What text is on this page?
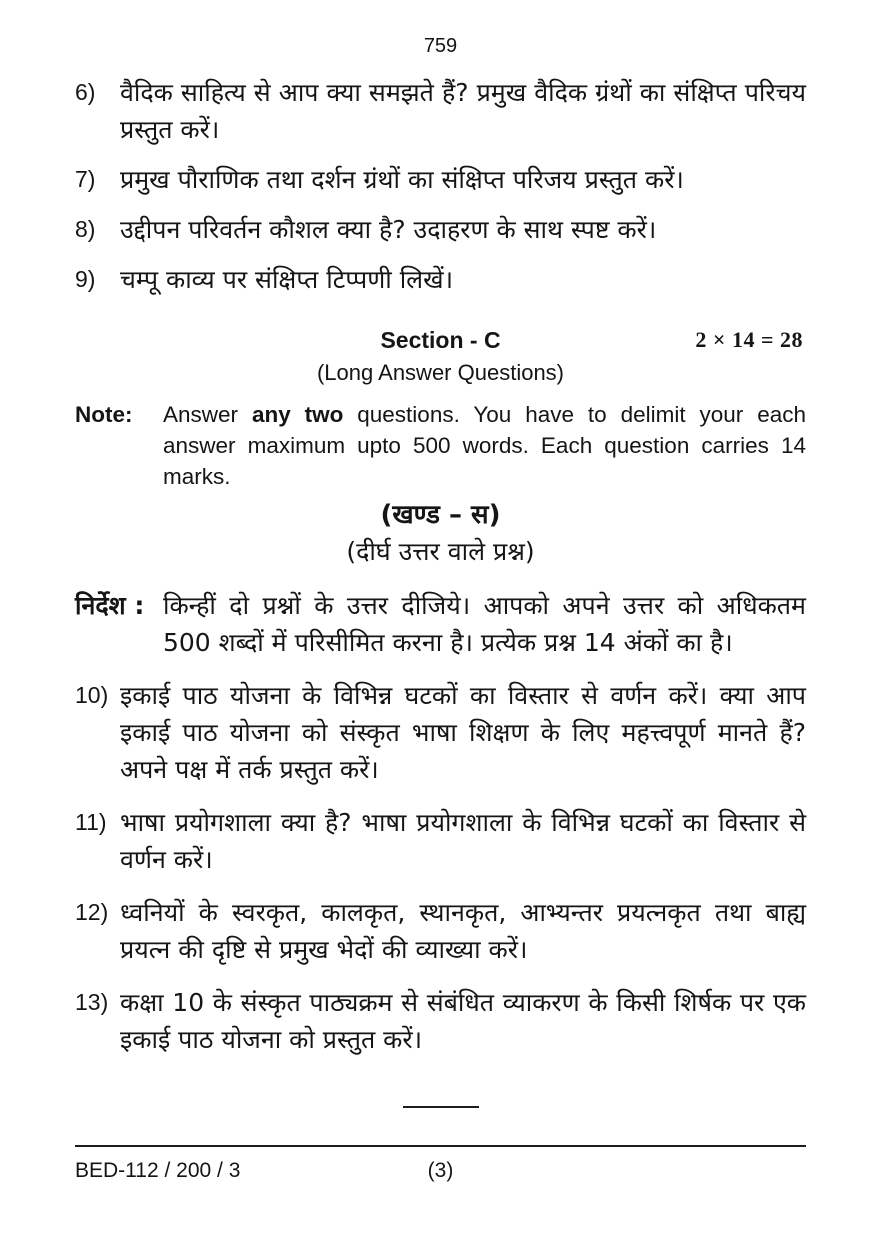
759
6) वैदिक साहित्य से आप क्या समझते हैं? प्रमुख वैदिक ग्रंथों का संक्षिप्त परिचय प्रस्तुत करें।
7) प्रमुख पौराणिक तथा दर्शन ग्रंथों का संक्षिप्त परिजय प्रस्तुत करें।
8) उद्दीपन परिवर्तन कौशल क्या है? उदाहरण के साथ स्पष्ट करें।
9) चम्पू काव्य पर संक्षिप्त टिप्पणी लिखें।
Section - C	2 × 14 = 28
(Long Answer Questions)
Note:	Answer any two questions. You have to delimit your each answer maximum upto 500 words. Each question carries 14 marks.
(खण्ड – स)
(दीर्घ उत्तर वाले प्रश्न)
निर्देश : किन्हीं दो प्रश्नों के उत्तर दीजिये। आपको अपने उत्तर को अधिकतम 500 शब्दों में परिसीमित करना है। प्रत्येक प्रश्न 14 अंकों का है।
10) इकाई पाठ योजना के विभिन्न घटकों का विस्तार से वर्णन करें। क्या आप इकाई पाठ योजना को संस्कृत भाषा शिक्षण के लिए महत्त्वपूर्ण मानते हैं? अपने पक्ष में तर्क प्रस्तुत करें।
11) भाषा प्रयोगशाला क्या है? भाषा प्रयोगशाला के विभिन्न घटकों का विस्तार से वर्णन करें।
12) ध्वनियों के स्वरकृत, कालकृत, स्थानकृत, आभ्यन्तर प्रयत्नकृत तथा बाह्य प्रयत्न की दृष्टि से प्रमुख भेदों की व्याख्या करें।
13) कक्षा 10 के संस्कृत पाठ्यक्रम से संबंधित व्याकरण के किसी शिर्षक पर एक इकाई पाठ योजना को प्रस्तुत करें।
BED-112 / 200 / 3	(3)
